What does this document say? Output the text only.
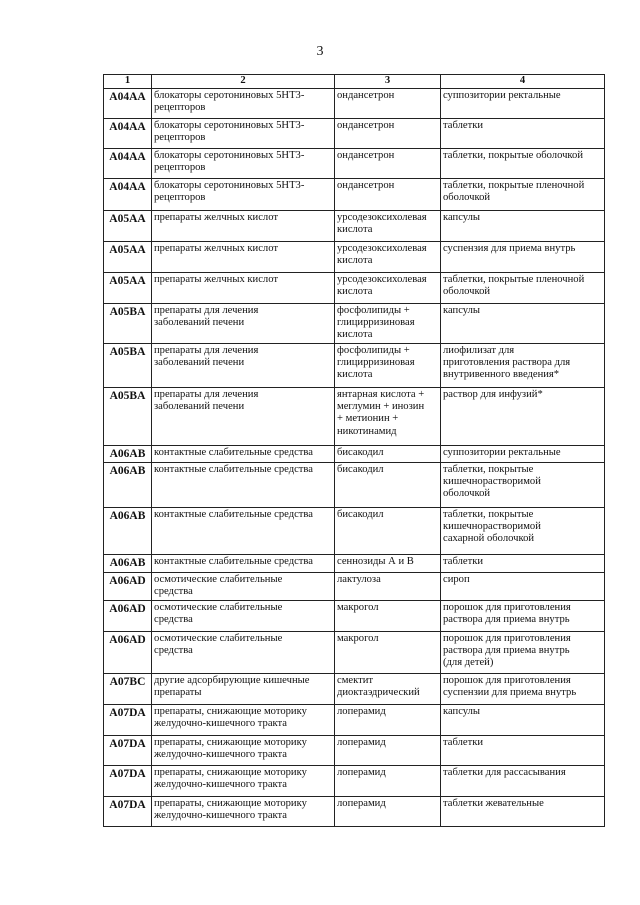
3
1	2	3	4
A04AA	блокаторы серотониновых 5НТ3-
рецепторов	ондансетрон	суппозитории ректальные

A04AA	блокаторы серотониновых 5НТ3-
рецепторов	ондансетрон	таблетки

A04AA	блокаторы серотониновых 5НТ3-
рецепторов	ондансетрон	таблетки, покрытые оболочкой

A04AA	блокаторы серотониновых 5НТ3-
рецепторов	ондансетрон	таблетки, покрытые пленочной
оболочкой

A05AA	препараты желчных кислот	урсодезоксихолевая
кислота	капсулы

A05AA	препараты желчных кислот	урсодезоксихолевая
кислота	суспензия для приема внутрь

A05AA	препараты желчных кислот	урсодезоксихолевая
кислота	таблетки, покрытые пленочной
оболочкой

A05BA	препараты для лечения
заболеваний печени	фосфолипиды +
глицирризиновая
кислота	капсулы

A05BA	препараты для лечения
заболеваний печени	фосфолипиды +
глицирризиновая
кислота	лиофилизат для
приготовления раствора для
внутривенного введения*

A05BA	препараты для лечения
заболеваний печени	янтарная кислота +
меглумин + инозин
+ метионин +
никотинамид	раствор для инфузий*

A06AB	контактные слабительные средства	бисакодил	суппозитории ректальные

A06AB	контактные слабительные средства	бисакодил	таблетки, покрытые
кишечнорастворимой
оболочкой

A06AB	контактные слабительные средства	бисакодил	таблетки, покрытые
кишечнорастворимой
сахарной оболочкой

A06AB	контактные слабительные средства	сеннозиды А и В	таблетки

A06AD	осмотические слабительные
средства	лактулоза	сироп

A06AD	осмотические слабительные
средства	макрогол	порошок для приготовления
раствора для приема внутрь

A06AD	осмотические слабительные
средства	макрогол	порошок для приготовления
раствора для приема внутрь
(для детей)

A07BC	другие адсорбирующие кишечные
препараты	смектит
диоктаэдрический	порошок для приготовления
суспензии для приема внутрь

A07DA	препараты, снижающие моторику
желудочно-кишечного тракта	лоперамид	капсулы

A07DA	препараты, снижающие моторику
желудочно-кишечного тракта	лоперамид	таблетки

A07DA	препараты, снижающие моторику
желудочно-кишечного тракта	лоперамид	таблетки для рассасывания

A07DA	препараты, снижающие моторику
желудочно-кишечного тракта	лоперамид	таблетки жевательные
